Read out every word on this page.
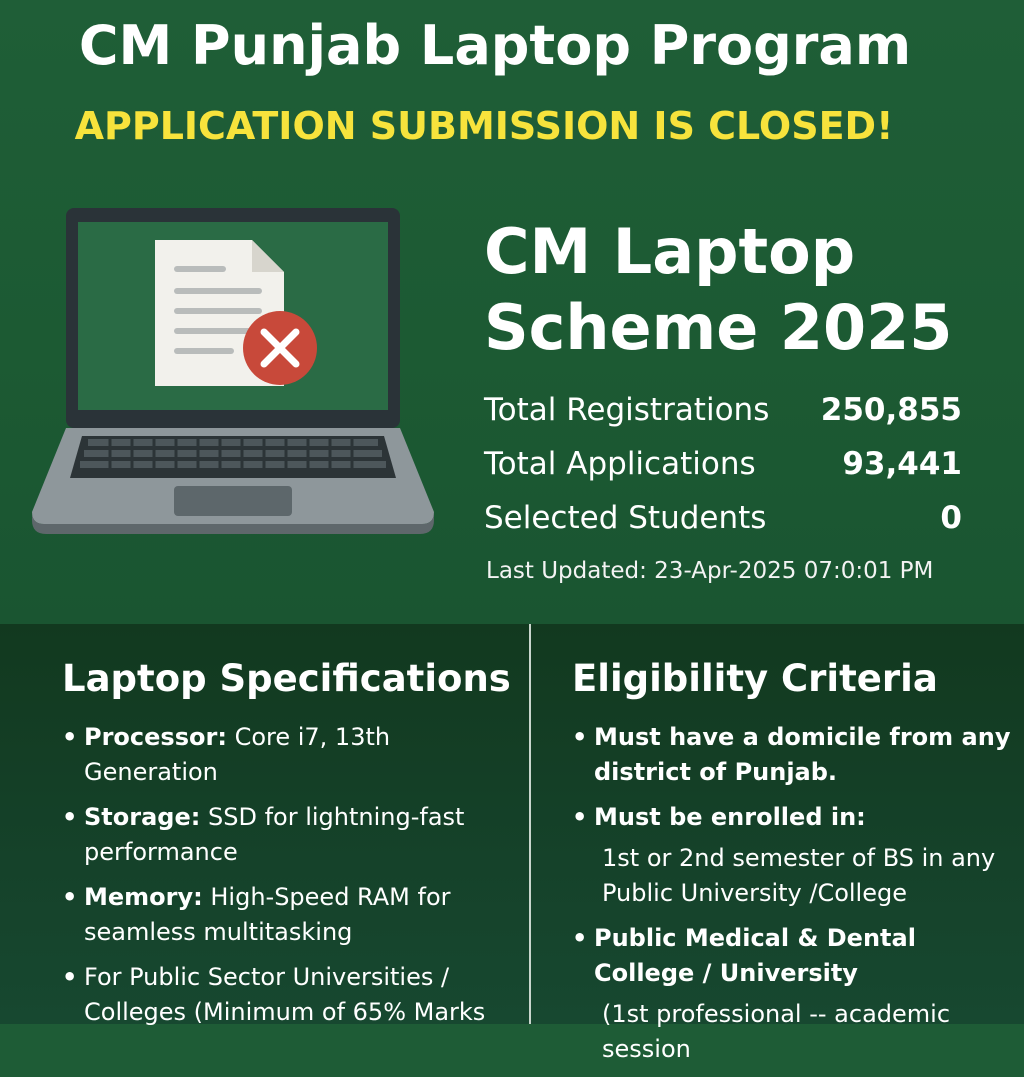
CM Punjab Laptop Program
APPLICATION SUBMISSION IS CLOSED!
CM Laptop
Scheme 2025
Total Registrations 250,855
Total Applications	93,441
Selected Students	0
Last Updated: 23-Apr-2025 07:0:01 PM
Laptop Specifications
• Processor: Core i7, 13th Generation
• Storage: SSD for lightning-fast performance
• Memory: High-Speed RAM for seamless multitasking
• For Public Sector Universities / Colleges (Minimum of 65% Marks
Eligibility Criteria
• Must have a domicile from any district of Punjab.
• Must be enrolled in:
1st or 2nd semester of BS in any Public University /College
• Public Medical & Dental College / University
(1st professional -- academic session
